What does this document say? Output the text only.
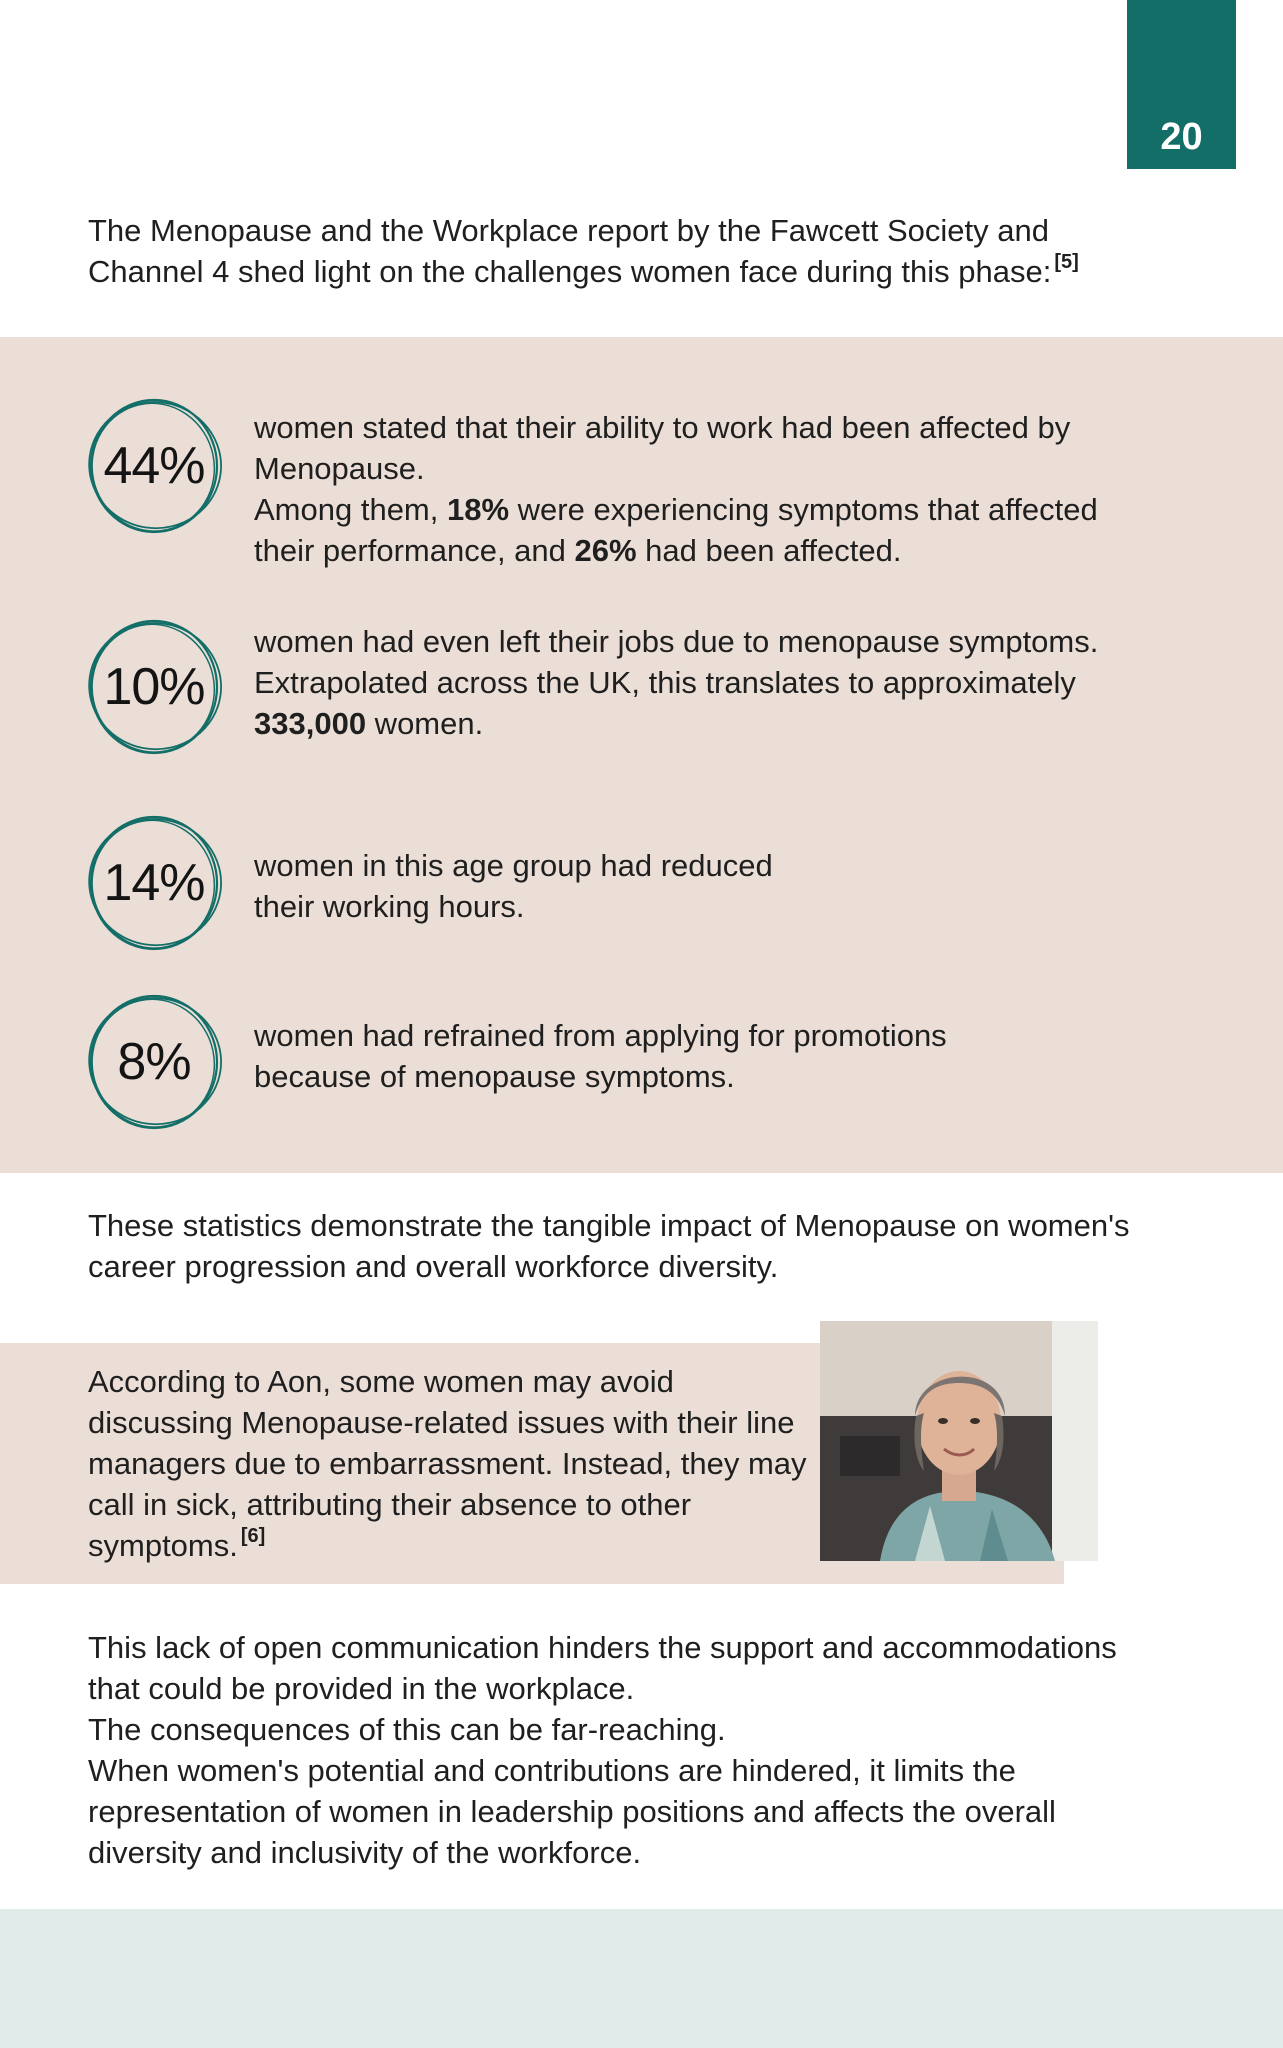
20

The Menopause and the Workplace report by the Fawcett Society and Channel 4 shed light on the challenges women face during this phase: [5]

44%

women stated that their ability to work had been affected by Menopause.

Among them, 18% were experiencing symptoms that affected their performance, and 26% had been affected.

10%

women had even left their jobs due to menopause symptoms.

Extrapolated across the UK, this translates to approximately 333,000 women.

14%	women in this age group had reduced their working hours.

8%	women had refrained from applying for promotions because of menopause symptoms.

These statistics demonstrate the tangible impact of Menopause on women's career progression and overall workforce diversity.

According to Aon, some women may avoid discussing Menopause-related issues with their line managers due to embarrassment. Instead, they may call in sick, attributing their absence to other symptoms. [6]

This lack of open communication hinders the support and accommodations that could be provided in the workplace.

The consequences of this can be far-reaching.

When women's potential and contributions are hindered, it limits the representation of women in leadership positions and affects the overall diversity and inclusivity of the workforce.
